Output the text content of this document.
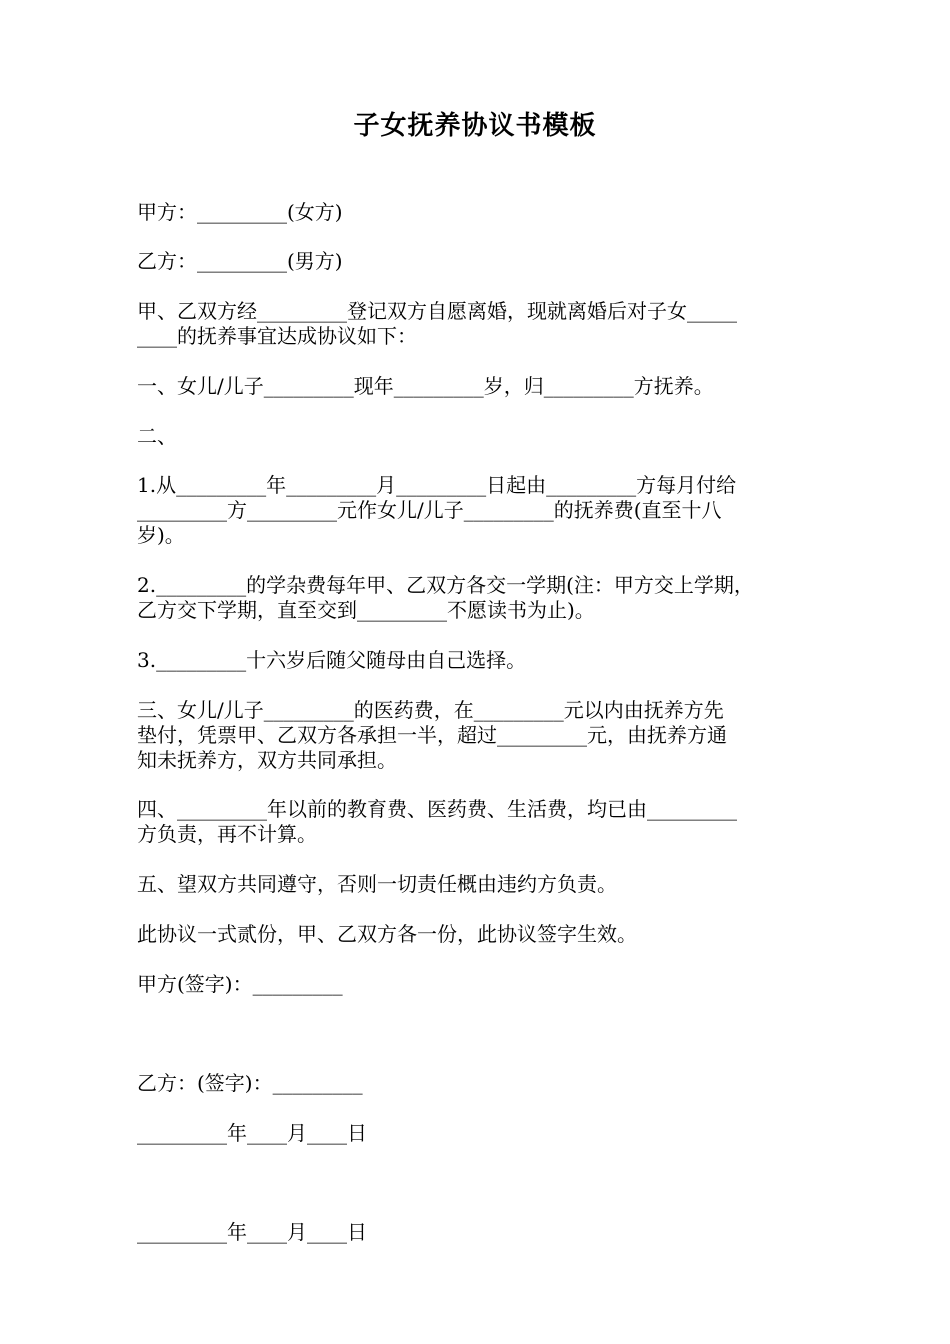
子女抚养协议书模板
甲方：_________(女方)
乙方：_________(男方)
甲、乙双方经_________登记双方自愿离婚，现就离婚后对子女_____
____的抚养事宜达成协议如下：
一、女儿/儿子_________现年_________岁，归_________方抚养。
二、
1.从_________年_________月_________日起由_________方每月付给
_________方_________元作女儿/儿子_________的抚养费(直至十八
岁)。
2._________的学杂费每年甲、乙双方各交一学期(注：甲方交上学期，
乙方交下学期，直至交到_________不愿读书为止)。
3._________十六岁后随父随母由自己选择。
三、女儿/儿子_________的医药费，在_________元以内由抚养方先
垫付，凭票甲、乙双方各承担一半，超过_________元，由抚养方通
知未抚养方，双方共同承担。
四、_________年以前的教育费、医药费、生活费，均已由_________
方负责，再不计算。
五、望双方共同遵守，否则一切责任概由违约方负责。
此协议一式贰份，甲、乙双方各一份，此协议签字生效。
甲方(签字)：_________
乙方：(签字)：_________
_________年____月____日
_________年____月____日
